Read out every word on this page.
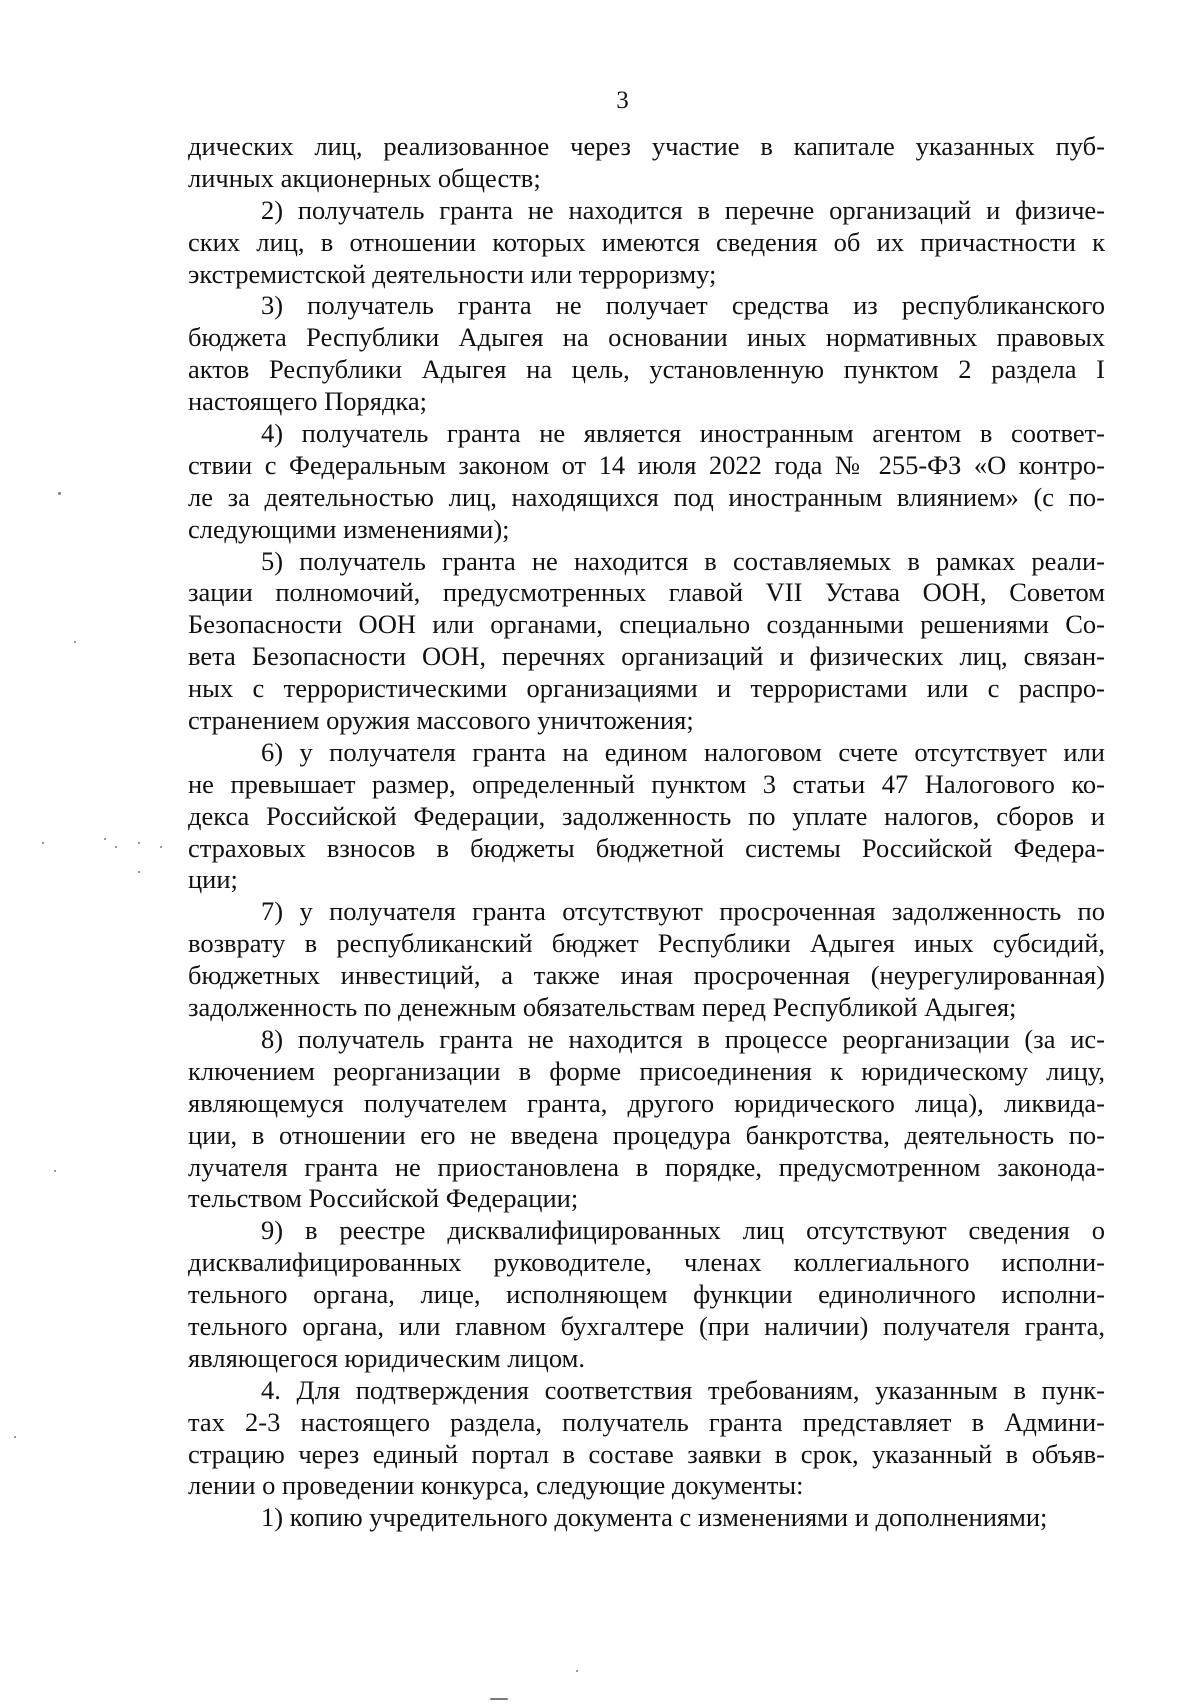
3
дических лиц, реализованное через участие в капитале указанных пуб-
личных акционерных обществ;
2) получатель гранта не находится в перечне организаций и физиче-
ских лиц, в отношении которых имеются сведения об их причастности к
экстремистской деятельности или терроризму;
3) получатель гранта не получает средства из республиканского
бюджета Республики Адыгея на основании иных нормативных правовых
актов Республики Адыгея на цель, установленную пунктом 2 раздела I
настоящего Порядка;
4) получатель гранта не является иностранным агентом в соответ-
ствии с Федеральным законом от 14 июля 2022 года № 255-ФЗ «О контро-
ле за деятельностью лиц, находящихся под иностранным влиянием» (с по-
следующими изменениями);
5) получатель гранта не находится в составляемых в рамках реали-
зации полномочий, предусмотренных главой VII Устава ООН, Советом
Безопасности ООН или органами, специально созданными решениями Со-
вета Безопасности ООН, перечнях организаций и физических лиц, связан-
ных с террористическими организациями и террористами или с распро-
странением оружия массового уничтожения;
6) у получателя гранта на едином налоговом счете отсутствует или
не превышает размер, определенный пунктом 3 статьи 47 Налогового ко-
декса Российской Федерации, задолженность по уплате налогов, сборов и
страховых взносов в бюджеты бюджетной системы Российской Федера-
ции;
7) у получателя гранта отсутствуют просроченная задолженность по
возврату в республиканский бюджет Республики Адыгея иных субсидий,
бюджетных инвестиций, а также иная просроченная (неурегулированная)
задолженность по денежным обязательствам перед Республикой Адыгея;
8) получатель гранта не находится в процессе реорганизации (за ис-
ключением реорганизации в форме присоединения к юридическому лицу,
являющемуся получателем гранта, другого юридического лица), ликвида-
ции, в отношении его не введена процедура банкротства, деятельность по-
лучателя гранта не приостановлена в порядке, предусмотренном законода-
тельством Российской Федерации;
9) в реестре дисквалифицированных лиц отсутствуют сведения о
дисквалифицированных руководителе, членах коллегиального исполни-
тельного органа, лице, исполняющем функции единоличного исполни-
тельного органа, или главном бухгалтере (при наличии) получателя гранта,
являющегося юридическим лицом.
4. Для подтверждения соответствия требованиям, указанным в пунк-
тах 2-3 настоящего раздела, получатель гранта представляет в Админи-
страцию через единый портал в составе заявки в срок, указанный в объяв-
лении о проведении конкурса, следующие документы:
1) копию учредительного документа с изменениями и дополнениями;
